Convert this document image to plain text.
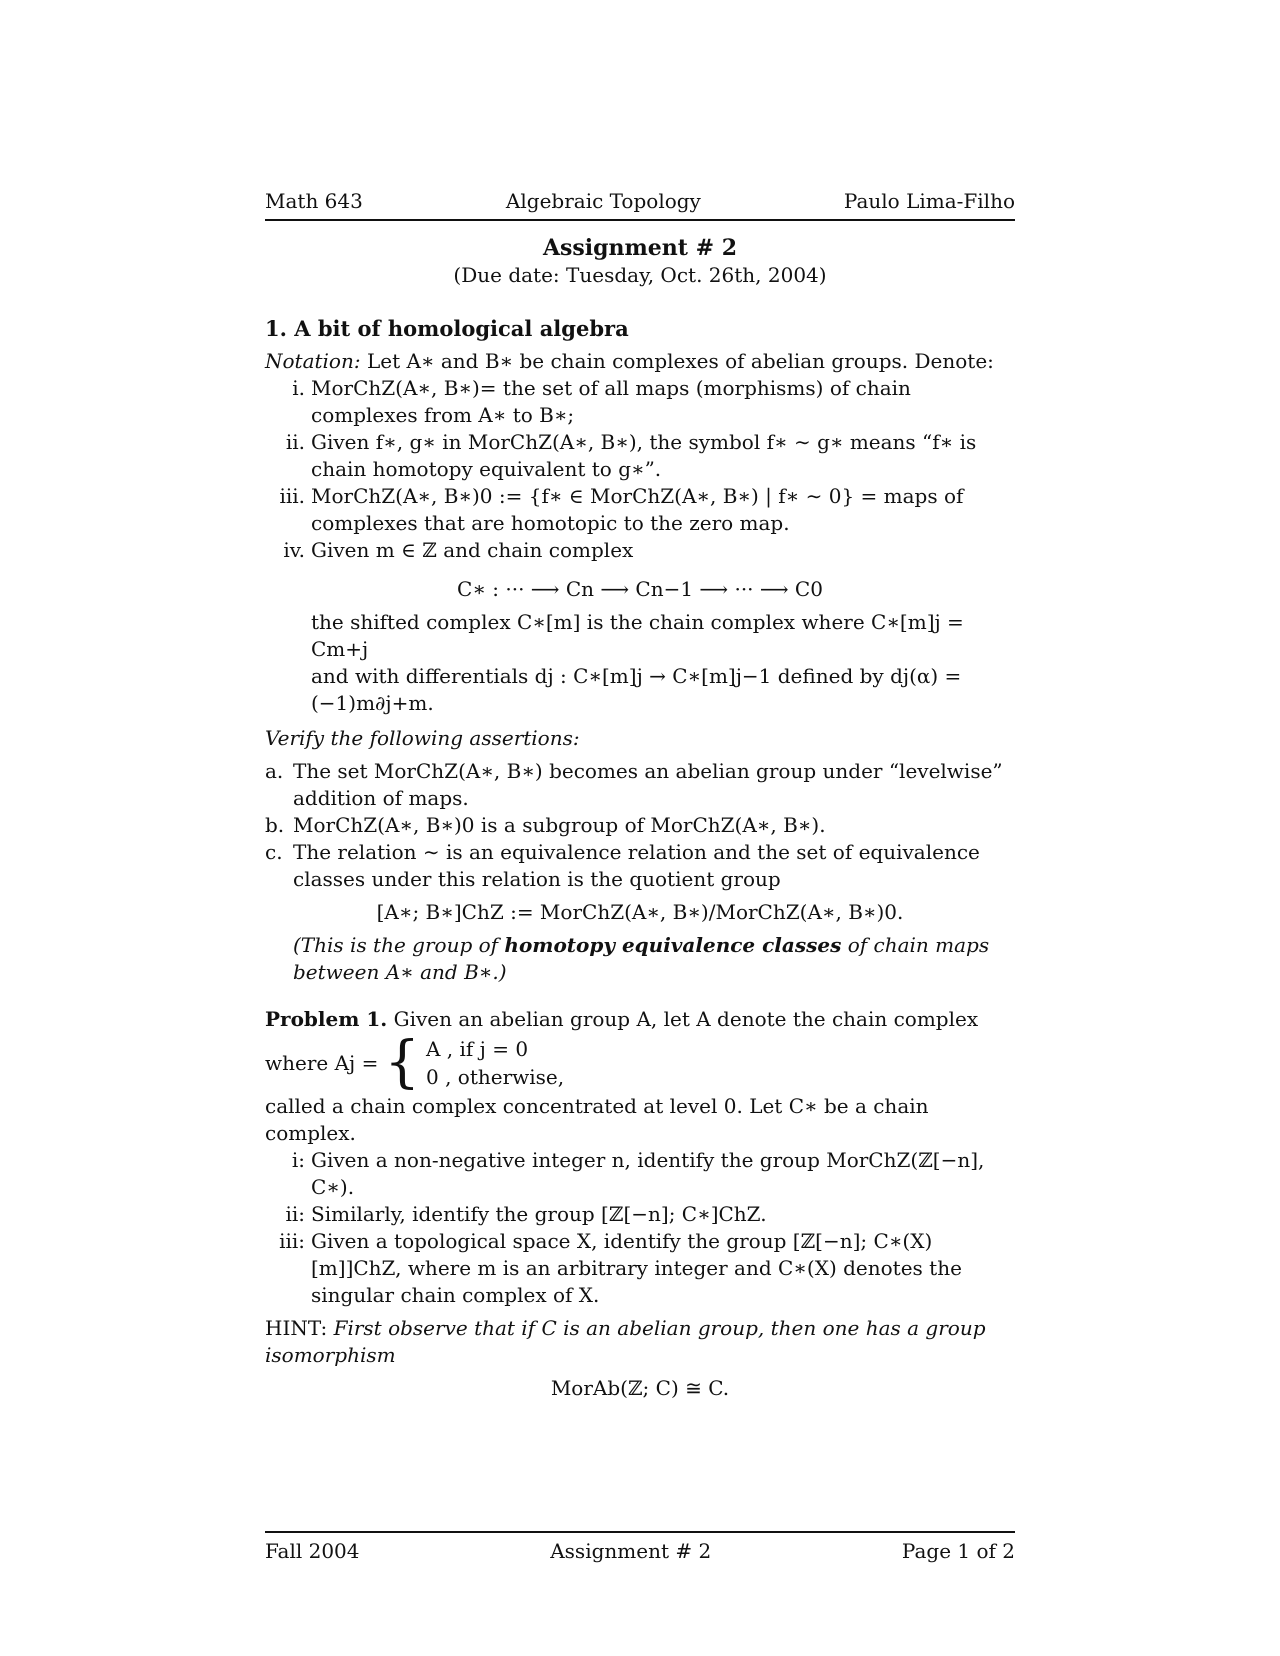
Math 643	Algebraic Topology	Paulo Lima-Filho
Assignment # 2
(Due date: Tuesday, Oct. 26th, 2004)
1. A bit of homological algebra
Notation: Let A∗ and B∗ be chain complexes of abelian groups. Denote:
i. MorChZ(A∗, B∗)= the set of all maps (morphisms) of chain complexes from A∗ to B∗;
ii. Given f∗, g∗ in MorChZ(A∗, B∗), the symbol f∗ ∼ g∗ means “f∗ is chain homotopy equivalent to g∗”.
iii. MorChZ(A∗, B∗)0 := {f∗ ∈ MorChZ(A∗, B∗) | f∗ ∼ 0} = maps of complexes that are homotopic to the zero map.
iv. Given m ∈ ℤ and chain complex
C∗ : ··· ⟶ Cn ⟶ Cn−1 ⟶ ··· ⟶ C0
the shifted complex C∗[m] is the chain complex where C∗[m]j = Cm+j
and with differentials dj : C∗[m]j → C∗[m]j−1 defined by dj(α) = (−1)m∂j+m.
Verify the following assertions:
a. The set MorChZ(A∗, B∗) becomes an abelian group under “levelwise” addition of maps.
b. MorChZ(A∗, B∗)0 is a subgroup of MorChZ(A∗, B∗).
c. The relation ∼ is an equivalence relation and the set of equivalence classes under this relation is the quotient group
[A∗; B∗]ChZ := MorChZ(A∗, B∗)/MorChZ(A∗, B∗)0.
(This is the group of homotopy equivalence classes of chain maps between A∗ and B∗.)
Problem 1. Given an abelian group A, let A denote the chain complex
where Aj = { A , if j = 0
0 , otherwise,
called a chain complex concentrated at level 0. Let C∗ be a chain complex.
i: Given a non-negative integer n, identify the group MorChZ(ℤ[−n], C∗).
ii: Similarly, identify the group [ℤ[−n]; C∗]ChZ.
iii: Given a topological space X, identify the group [ℤ[−n]; C∗(X)[m]]ChZ, where m is an arbitrary integer and C∗(X) denotes the singular chain complex of X.
HINT: First observe that if C is an abelian group, then one has a group isomorphism
MorAb(ℤ; C) ≅ C.
Fall 2004	Assignment # 2	Page 1 of 2
